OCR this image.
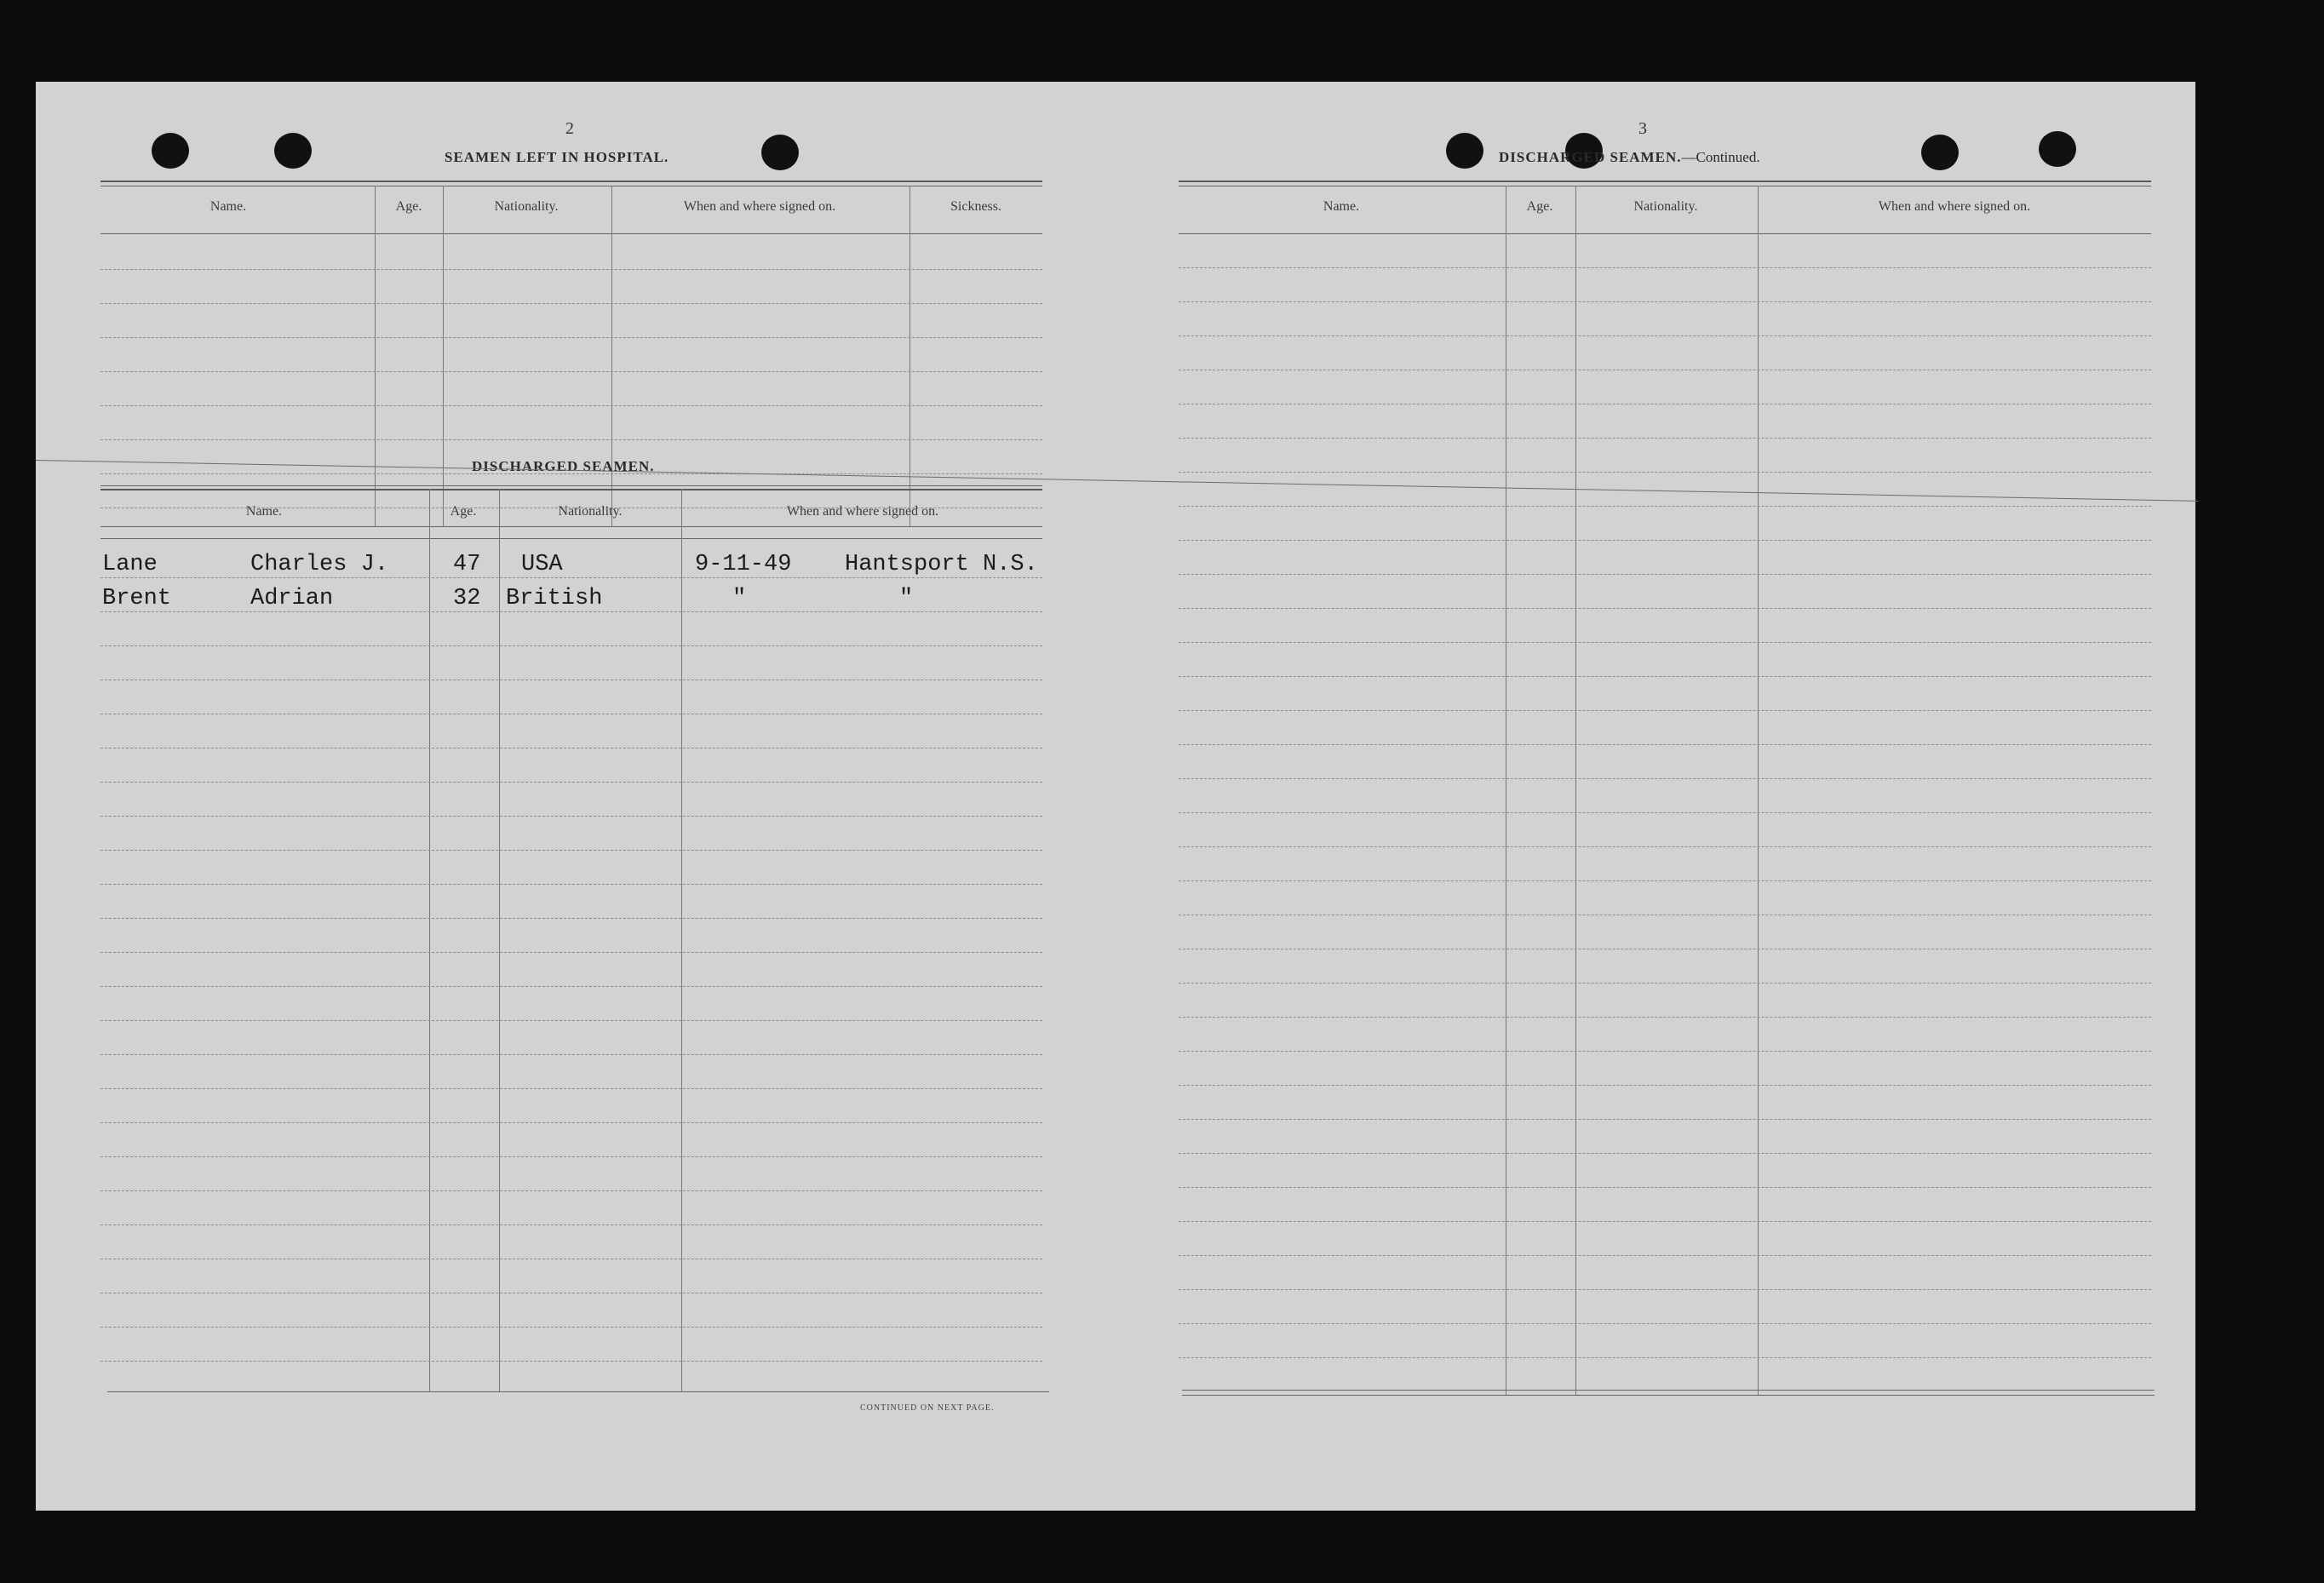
2
SEAMEN LEFT IN HOSPITAL.
Name.	Age.	Nationality.	When and where signed on.	Sickness.
DISCHARGED SEAMEN.
Name.	Age.	Nationality.	When and where signed on.
Lane	Charles J.	47 USA	9-11-49 Hantsport N.S.
Brent	Adrian	32 British	"	"
CONTINUED ON NEXT PAGE.
3
DISCHARGED SEAMEN.—Continued.
Name.	Age.	Nationality.	When and where signed on.
